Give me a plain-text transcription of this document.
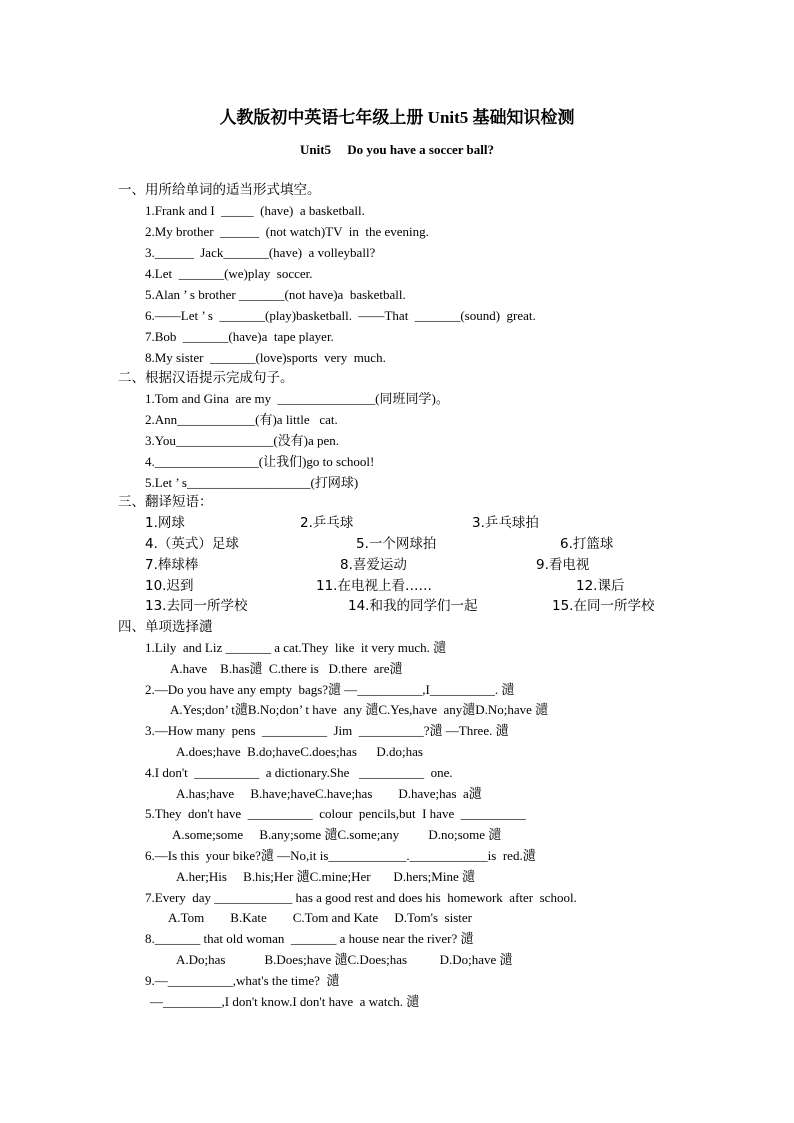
人教版初中英语七年级上册 Unit5 基础知识检测
Unit5     Do you have a soccer ball?
一、用所给单词的适当形式填空。
1.Frank and I  _____  (have)  a basketball.
2.My brother  ______  (not watch)TV  in  the evening.
3.______  Jack_______(have)  a volleyball?
4.Let  _______(we)play  soccer.
5.Alan ’ s brother _______(not have)a  basketball.
6.——Let ’ s  _______(play)basketball.  ——That  _______(sound)  great.
7.Bob  _______(have)a  tape player.
8.My sister  _______(love)sports  very  much.
二、根据汉语提示完成句子。
1.Tom and Gina  are my  _______________(同班同学)。
2.Ann____________(有)a little   cat.
3.You_______________(没有)a pen.
4.________________(让我们)go to school!
5.Let ’ s___________________(打网球)
三、翻译短语：
1.网球	2.乒乓球	3.乒乓球拍
4.（英式）足球	5.一个网球拍	6.打篮球
7.棒球棒	8.喜爱运动	9.看电视
10.迟到	11.在电视上看……	12.课后
13.去同一所学校	14.和我的同学们一起	15.在同一所学校
四、单项选择瀢
1.Lily  and Liz _______ a cat.They  like  it very much. 瀢
A.have    B.has瀢  C.there is   D.there  are瀢
2.—Do you have any empty  bags?瀢 —__________,I__________. 瀢
A.Yes;don’ t瀢B.No;don’ t have  any 瀢C.Yes,have  any瀢D.No;have 瀢
3.—How many  pens  __________  Jim  __________?瀢 —Three. 瀢
A.does;have  B.do;haveC.does;has      D.do;has
4.I don't  __________  a dictionary.She   __________  one.
A.has;have     B.have;haveC.have;has        D.have;has  a瀢
5.They  don't have  __________  colour  pencils,but  I have  __________
A.some;some     B.any;some 瀢C.some;any         D.no;some 瀢
6.—Is this  your bike?瀢 —No,it is____________.____________is  red.瀢
A.her;His     B.his;Her 瀢C.mine;Her       D.hers;Mine 瀢
7.Every  day ____________ has a good rest and does his  homework  after  school.
A.Tom        B.Kate        C.Tom and Kate     D.Tom's  sister
8._______ that old woman  _______ a house near the river? 瀢
A.Do;has            B.Does;have 瀢C.Does;has          D.Do;have 瀢
9.—__________,what's the time?  瀢
—_________,I don't know.I don't have  a watch. 瀢
